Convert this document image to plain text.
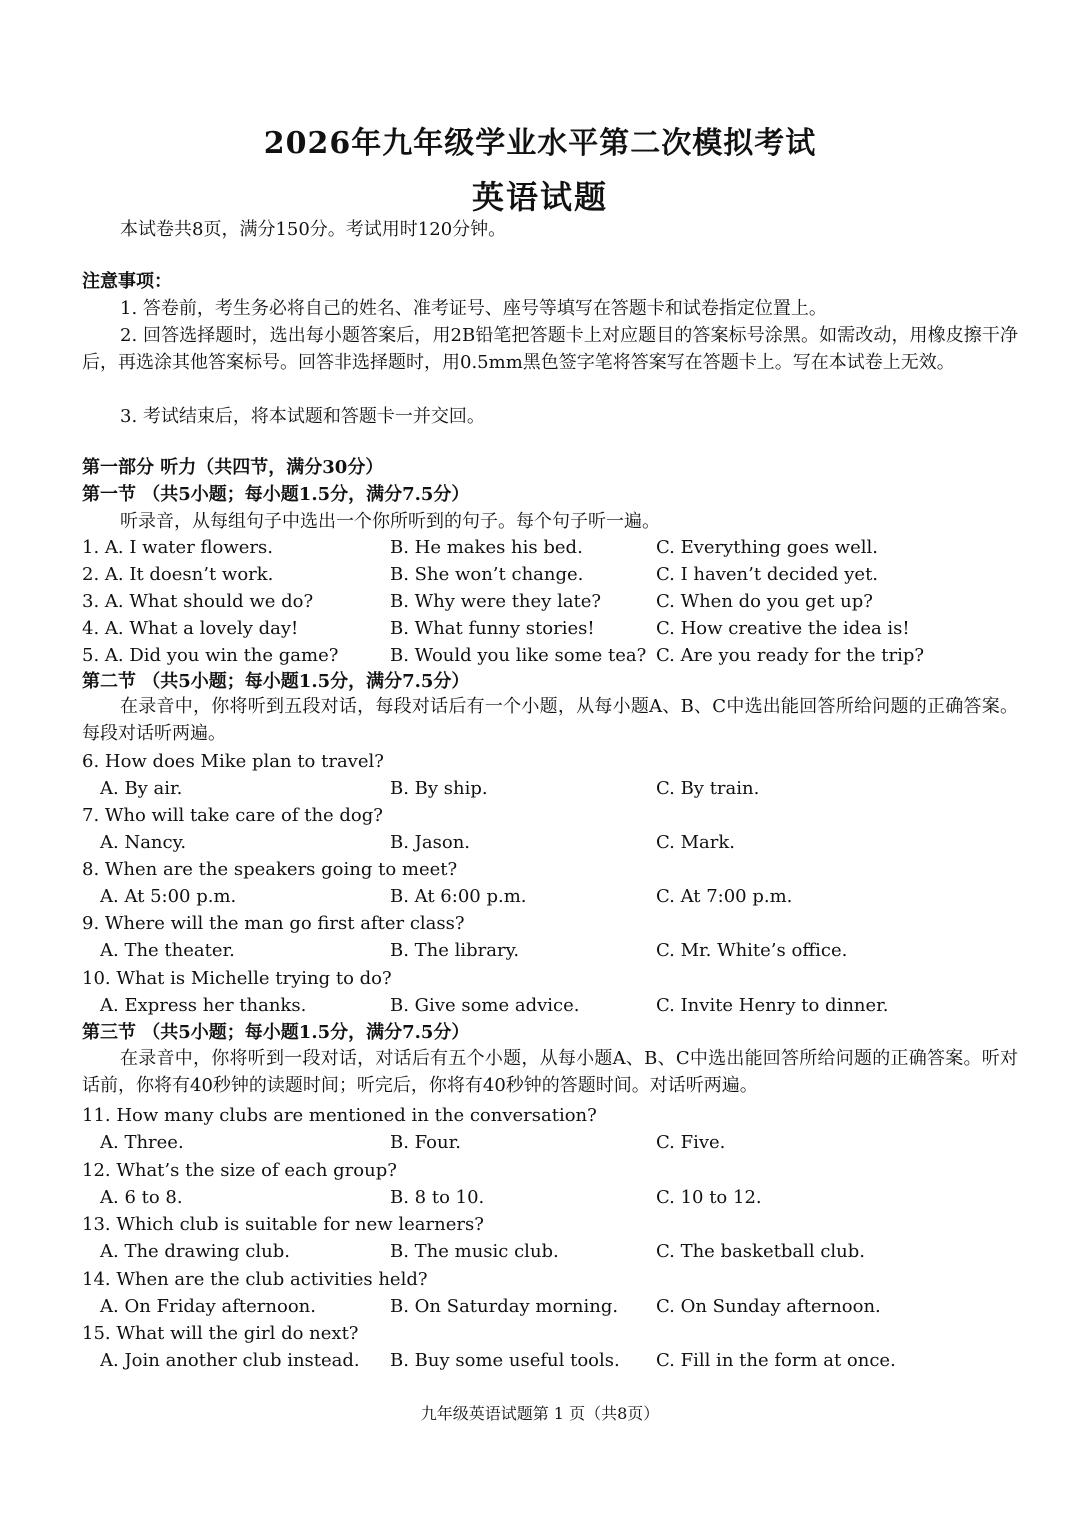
2026年九年级学业水平第二次模拟考试
英语试题
本试卷共8页，满分150分。考试用时120分钟。
注意事项：
1. 答卷前，考生务必将自己的姓名、准考证号、座号等填写在答题卡和试卷指定位置上。
2. 回答选择题时，选出每小题答案后，用2B铅笔把答题卡上对应题目的答案标号涂黑。如需改动，用橡皮擦干净后，再选涂其他答案标号。回答非选择题时，用0.5mm黑色签字笔将答案写在答题卡上。写在本试卷上无效。
3. 考试结束后，将本试题和答题卡一并交回。
第一部分 听力（共四节，满分30分）
第一节 （共5小题；每小题1.5分，满分7.5分）
听录音，从每组句子中选出一个你所听到的句子。每个句子听一遍。
1. A. I water flowers.	B. He makes his bed.	C. Everything goes well.
2. A. It doesn’t work.	B. She won’t change.	C. I haven’t decided yet.
3. A. What should we do?	B. Why were they late?	C. When do you get up?
4. A. What a lovely day!	B. What funny stories!	C. How creative the idea is!
5. A. Did you win the game?	B. Would you like some tea? C. Are you ready for the trip?
第二节 （共5小题；每小题1.5分，满分7.5分）
在录音中，你将听到五段对话，每段对话后有一个小题，从每小题A、B、C中选出能回答所给问题的正确答案。每段对话听两遍。
6. How does Mike plan to travel?
A. By air.	B. By ship.	C. By train.
7. Who will take care of the dog?
A. Nancy.	B. Jason.	C. Mark.
8. When are the speakers going to meet?
A. At 5:00 p.m.	B. At 6:00 p.m.	C. At 7:00 p.m.
9. Where will the man go first after class?
A. The theater.	B. The library.	C. Mr. White’s office.
10. What is Michelle trying to do?
A. Express her thanks.	B. Give some advice.	C. Invite Henry to dinner.
第三节 （共5小题；每小题1.5分，满分7.5分）
在录音中，你将听到一段对话，对话后有五个小题，从每小题A、B、C中选出能回答所给问题的正确答案。听对话前，你将有40秒钟的读题时间；听完后，你将有40秒钟的答题时间。对话听两遍。
11. How many clubs are mentioned in the conversation?
A. Three.	B. Four.	C. Five.
12. What’s the size of each group?
A. 6 to 8.	B. 8 to 10.	C. 10 to 12.
13. Which club is suitable for new learners?
A. The drawing club.	B. The music club.	C. The basketball club.
14. When are the club activities held?
A. On Friday afternoon.	B. On Saturday morning. C. On Sunday afternoon.
15. What will the girl do next?
A. Join another club instead. B. Buy some useful tools. C. Fill in the form at once.
九年级英语试题第 1 页（共8页）
